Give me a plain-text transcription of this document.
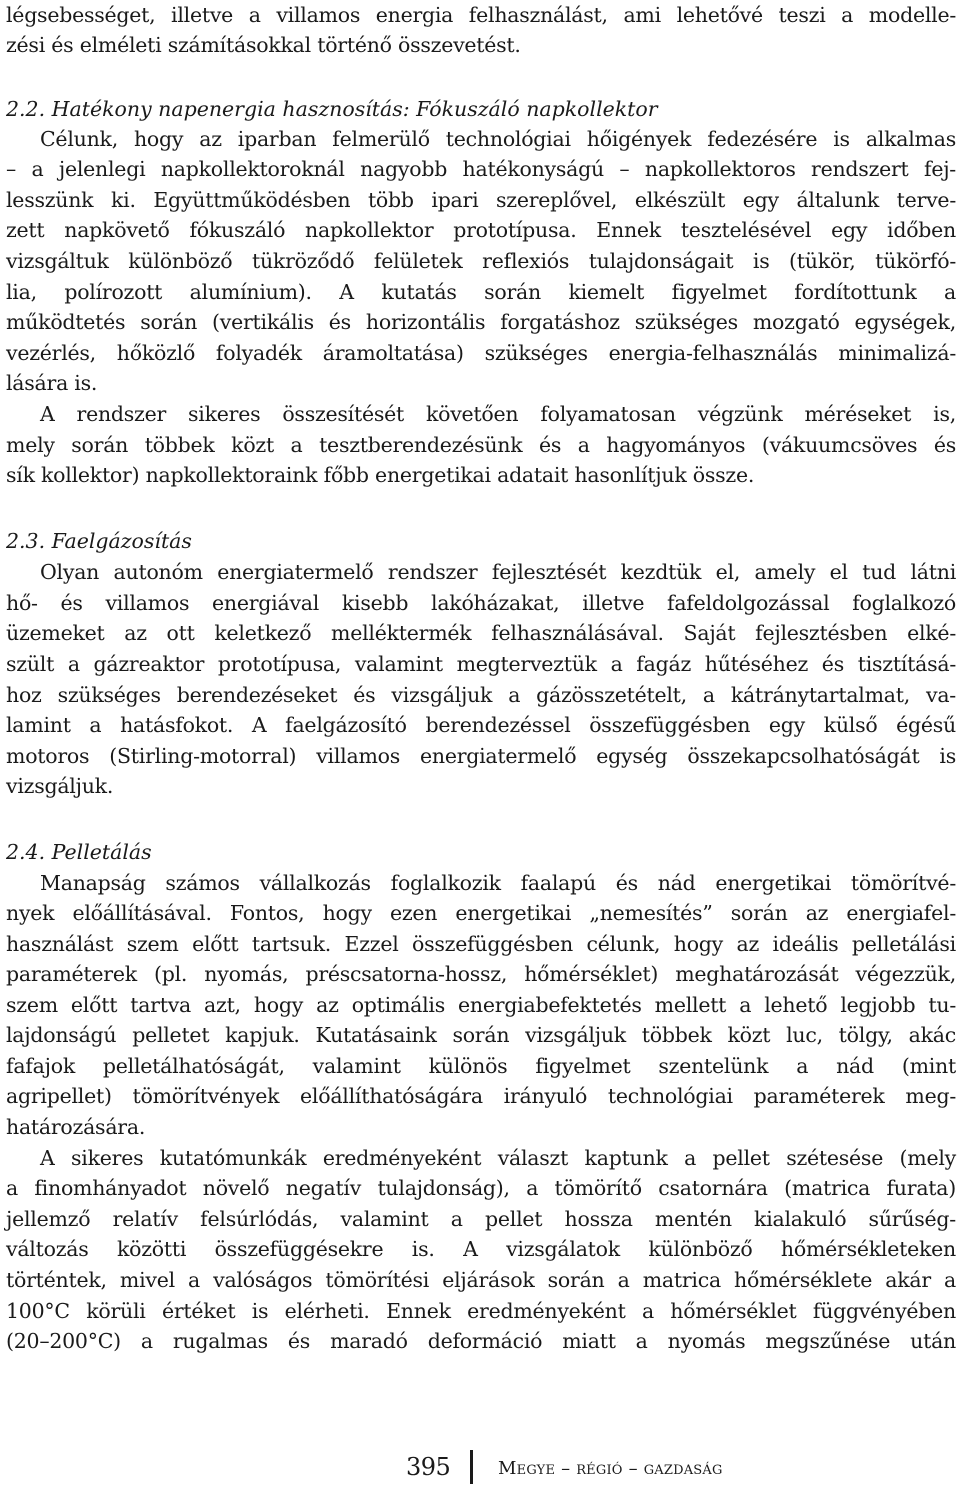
légsebességet, illetve a villamos energia felhasználást, ami lehetővé teszi a modelle-
zési és elméleti számításokkal történő összevetést.
2.2. Hatékony napenergia hasznosítás: Fókuszáló napkollektor
Célunk, hogy az iparban felmerülő technológiai hőigények fedezésére is alkalmas
– a jelenlegi napkollektoroknál nagyobb hatékonyságú – napkollektoros rendszert fej-
lesszünk ki. Együttműködésben több ipari szereplővel, elkészült egy általunk terve-
zett napkövető fókuszáló napkollektor prototípusa. Ennek tesztelésével egy időben
vizsgáltuk különböző tükröződő felületek reflexiós tulajdonságait is (tükör, tükörfó-
lia, polírozott alumínium). A kutatás során kiemelt figyelmet fordítottunk a
működtetés során (vertikális és horizontális forgatáshoz szükséges mozgató egységek,
vezérlés, hőközlő folyadék áramoltatása) szükséges energia-felhasználás minimalizá-
lására is.
A rendszer sikeres összesítését követően folyamatosan végzünk méréseket is,
mely során többek közt a tesztberendezésünk és a hagyományos (vákuumcsöves és
sík kollektor) napkollektoraink főbb energetikai adatait hasonlítjuk össze.
2.3. Faelgázosítás
Olyan autonóm energiatermelő rendszer fejlesztését kezdtük el, amely el tud látni
hő- és villamos energiával kisebb lakóházakat, illetve fafeldolgozással foglalkozó
üzemeket az ott keletkező melléktermék felhasználásával. Saját fejlesztésben elké-
szült a gázreaktor prototípusa, valamint megterveztük a fagáz hűtéséhez és tisztításá-
hoz szükséges berendezéseket és vizsgáljuk a gázösszetételt, a kátránytartalmat, va-
lamint a hatásfokot. A faelgázosító berendezéssel összefüggésben egy külső égésű
motoros (Stirling-motorral) villamos energiatermelő egység összekapcsolhatóságát is
vizsgáljuk.
2.4. Pelletálás
Manapság számos vállalkozás foglalkozik faalapú és nád energetikai tömörítvé-
nyek előállításával. Fontos, hogy ezen energetikai „nemesítés” során az energiafel-
használást szem előtt tartsuk. Ezzel összefüggésben célunk, hogy az ideális pelletálási
paraméterek (pl. nyomás, préscsatorna-hossz, hőmérséklet) meghatározását végezzük,
szem előtt tartva azt, hogy az optimális energiabefektetés mellett a lehető legjobb tu-
lajdonságú pelletet kapjuk. Kutatásaink során vizsgáljuk többek közt luc, tölgy, akác
fafajok pelletálhatóságát, valamint különös figyelmet szentelünk a nád (mint
agripellet) tömörítvények előállíthatóságára irányuló technológiai paraméterek meg-
határozására.
A sikeres kutatómunkák eredményeként választ kaptunk a pellet szétesése (mely
a finomhányadot növelő negatív tulajdonság), a tömörítő csatornára (matrica furata)
jellemző relatív felsúrlódás, valamint a pellet hossza mentén kialakuló sűrűség-
változás közötti összefüggésekre is. A vizsgálatok különböző hőmérsékleteken
történtek, mivel a valóságos tömörítési eljárások során a matrica hőmérséklete akár a
100°C körüli értéket is elérheti. Ennek eredményeként a hőmérséklet függvényében
(20–200°C) a rugalmas és maradó deformáció miatt a nyomás megszűnése után
395	Megye – régió – gazdaság
